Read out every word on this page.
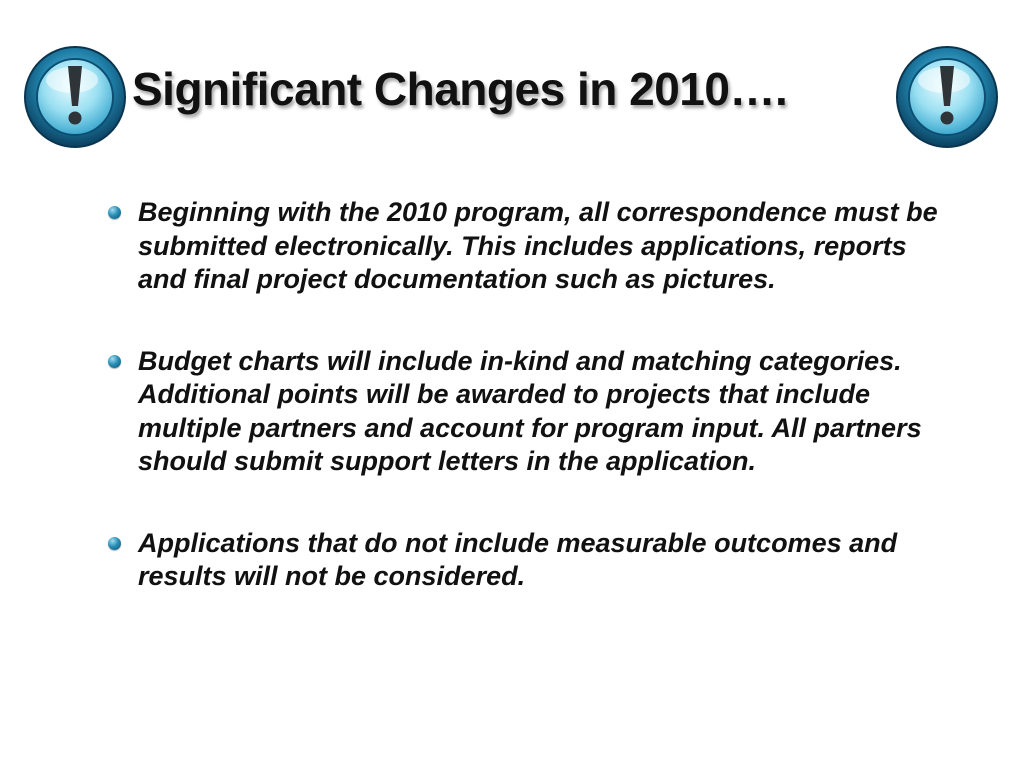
Significant Changes in 2010….
Beginning with the 2010 program, all correspondence must be submitted electronically. This includes applications, reports and final project documentation such as pictures.
Budget charts will include in-kind and matching categories. Additional points will be awarded to projects that include multiple partners and account for program input. All partners should submit support letters in the application.
Applications that do not include measurable outcomes and results will not be considered.
